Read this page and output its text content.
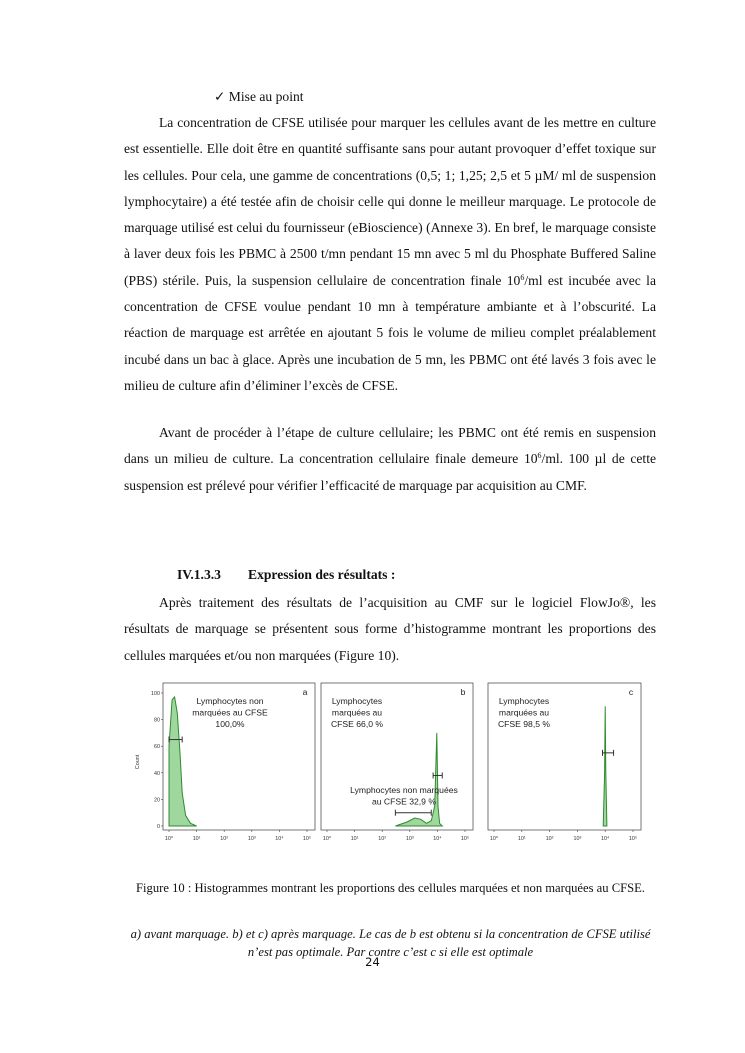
✓ Mise au point

La concentration de CFSE utilisée pour marquer les cellules avant de les mettre en culture est essentielle. Elle doit être en quantité suffisante sans pour autant provoquer d’effet toxique sur les cellules. Pour cela, une gamme de concentrations (0,5; 1; 1,25; 2,5 et 5 µM/ ml de suspension lymphocytaire) a été testée afin de choisir celle qui donne le meilleur marquage. Le protocole de marquage utilisé est celui du fournisseur (eBioscience) (Annexe 3). En bref, le marquage consiste à laver deux fois les PBMC à 2500 t/mn pendant 15 mn avec 5 ml du Phosphate Buffered Saline (PBS) stérile. Puis, la suspension cellulaire de concentration finale $10^6/ml$ est incubée avec la concentration de CFSE voulue pendant 10 mn à température ambiante et à l’obscurité. La réaction de marquage est arrêtée en ajoutant 5 fois le volume de milieu complet préalablement incubé dans un bac à glace. Après une incubation de 5 mn, les PBMC ont été lavés 3 fois avec le milieu de culture afin d’éliminer l’excès de CFSE.

Avant de procéder à l’étape de culture cellulaire; les PBMC ont été remis en suspension dans un milieu de culture. La concentration cellulaire finale demeure $10^6/ml$. 100 µl de cette suspension est prélevé pour vérifier l’efficacité de marquage par acquisition au CMF.

IV.1.3.3 Expression des résultats :

Après traitement des résultats de l’acquisition au CMF sur le logiciel FlowJo®, les résultats de marquage se présentent sous forme d’histogramme montrant les proportions des cellules marquées et/ou non marquées (Figure 10).

Count
100
80
60
40
20
0
10⁰	10¹	10²	10³	10⁴	10⁵
a
Lymphocytes non
marquées au CFSE
100,0%
10⁰	10¹	10²	10³	10⁴	10⁵
b
Lymphocytes
marquées au
CFSE 66,0 %
Lymphocytes non marquées
au CFSE 32,9 %
10⁰	10¹	10²	10³	10⁴	10⁵
c
Lymphocytes
marquées au
CFSE 98,5 %

Figure 10 : Histogrammes montrant les proportions des cellules marquées et non marquées au CFSE.

a) avant marquage. b) et c) après marquage. Le cas de b est obtenu si la concentration de CFSE utilisé n’est pas optimale. Par contre c’est c si elle est optimale

24
